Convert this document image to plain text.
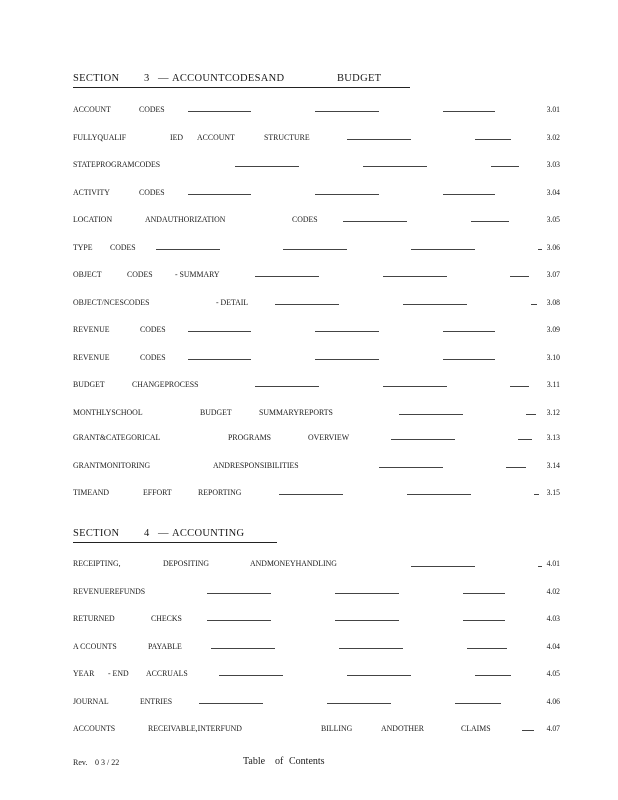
SECTION 3 — ACCOUNTCODESAND	BUDGET
ACCOUNT	CODES	3.01
FULLYQUALIF	IED ACCOUNT	STRUCTURE	3.02
STATEPROGRAMCODES	3.03
ACTIVITY	CODES	3.04
LOCATION	ANDAUTHORIZATION	CODES	3.05
TYPE CODES	3.06
OBJECT	CODES	- SUMMARY	3.07
OBJECT/NCESCODES	- DETAIL	3.08
REVENUE	CODES	3.09
REVENUE	CODES	3.10
BUDGET	CHANGEPROCESS	3.11
MONTHLYSCHOOL	BUDGET	SUMMARYREPORTS	3.12
GRANT&CATEGORICAL	PROGRAMS	OVERVIEW	3.13
GRANTMONITORING	ANDRESPONSIBILITIES	3.14
TIMEAND	EFFORT	REPORTING	3.15
SECTION 4 — ACCOUNTING
RECEIPTING,	DEPOSITING	ANDMONEYHANDLING	4.01
REVENUEREFUNDS	4.02
RETURNED	CHECKS	4.03
A CCOUNTS	PAYABLE	4.04
YEAR - END ACCRUALS	4.05
JOURNAL	ENTRIES	4.06
ACCOUNTS	RECEIVABLE,INTERFUND	BILLING	ANDOTHER	CLAIMS	4.07
Rev. 0 3 / 22	Table of Contents
